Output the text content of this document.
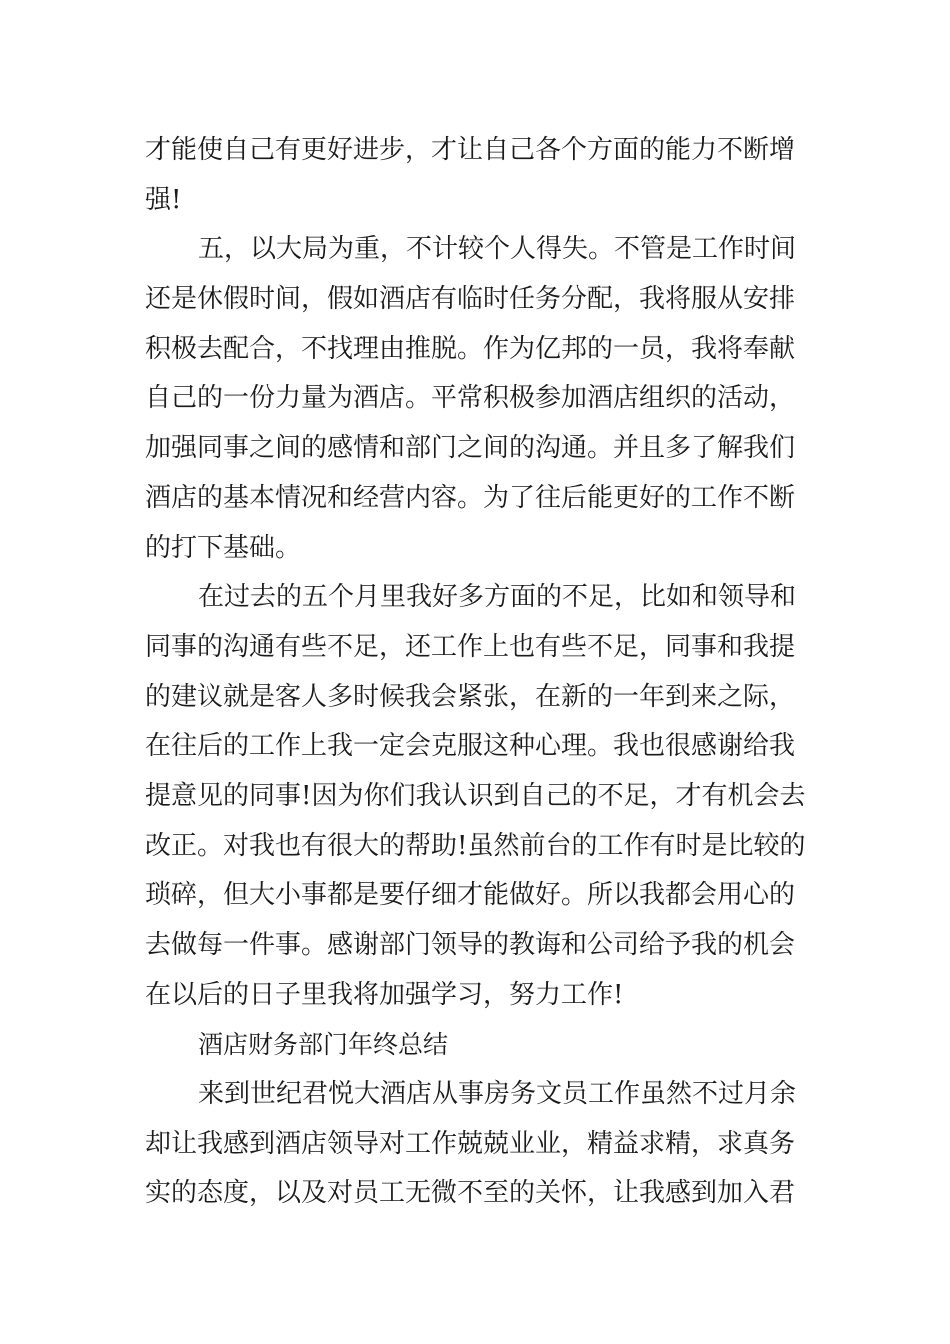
才能使自己有更好进步，才让自己各个方面的能力不断增
强!
五，以大局为重，不计较个人得失。不管是工作时间
还是休假时间，假如酒店有临时任务分配，我将服从安排
积极去配合，不找理由推脱。作为亿邦的一员，我将奉献
自己的一份力量为酒店。平常积极参加酒店组织的活动，
加强同事之间的感情和部门之间的沟通。并且多了解我们
酒店的基本情况和经营内容。为了往后能更好的工作不断
的打下基础。
在过去的五个月里我好多方面的不足，比如和领导和
同事的沟通有些不足，还工作上也有些不足，同事和我提
的建议就是客人多时候我会紧张，在新的一年到来之际，
在往后的工作上我一定会克服这种心理。我也很感谢给我
提意见的同事!因为你们我认识到自己的不足，才有机会去
改正。对我也有很大的帮助!虽然前台的工作有时是比较的
琐碎，但大小事都是要仔细才能做好。所以我都会用心的
去做每一件事。感谢部门领导的教诲和公司给予我的机会
在以后的日子里我将加强学习，努力工作!
酒店财务部门年终总结
来到世纪君悦大酒店从事房务文员工作虽然不过月余
却让我感到酒店领导对工作兢兢业业，精益求精，求真务
实的态度，以及对员工无微不至的关怀，让我感到加入君
